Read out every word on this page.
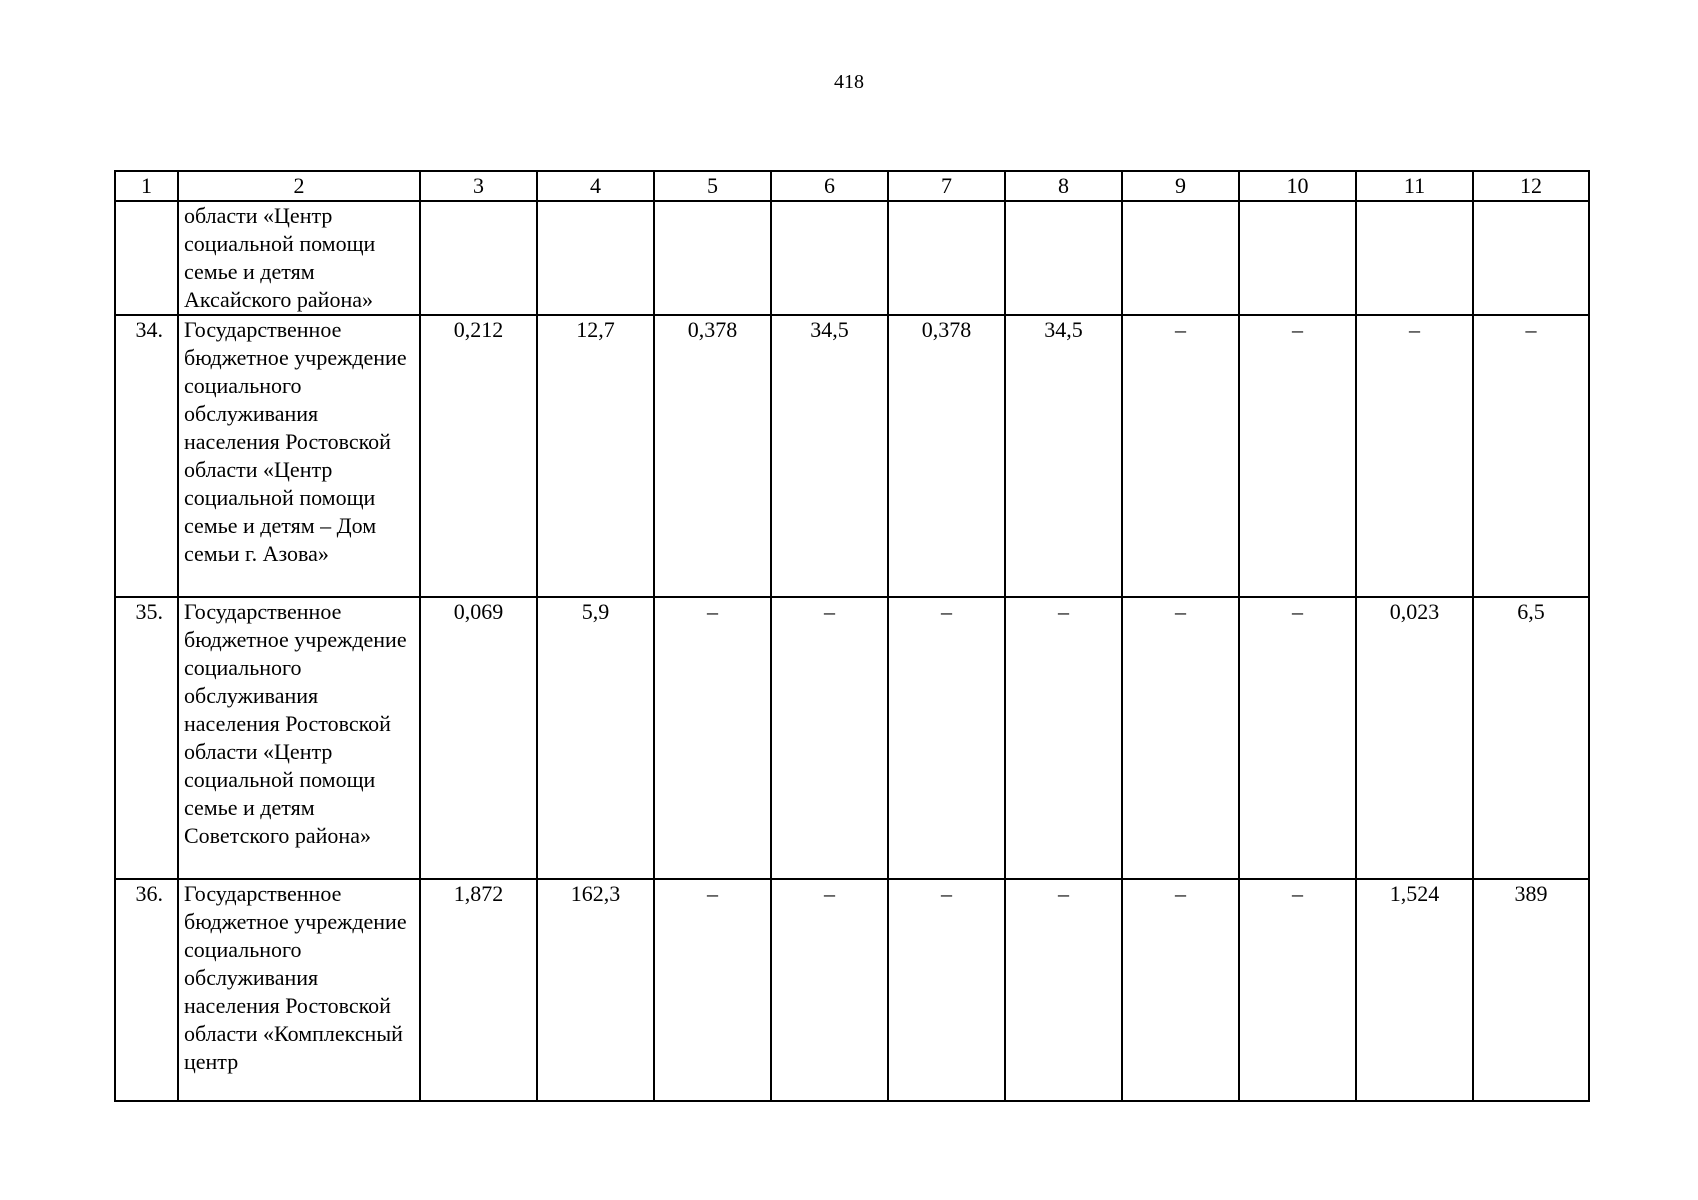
418
1	2	3	4	5	6	7	8	9	10	11	12
	области «Центр социальной помощи семье и детям Аксайского района»										
34.	Государственное бюджетное учреждение социального обслуживания населения Ростовской области «Центр социальной помощи семье и детям – Дом семьи г. Азова»	0,212	12,7	0,378	34,5	0,378	34,5	–	–	–	–
35.	Государственное бюджетное учреждение социального обслуживания населения Ростовской области «Центр социальной помощи семье и детям Советского района»	0,069	5,9	–	–	–	–	–	–	0,023	6,5
36.	Государственное бюджетное учреждение социального обслуживания населения Ростовской области «Комплексный центр	1,872	162,3	–	–	–	–	–	–	1,524	389
